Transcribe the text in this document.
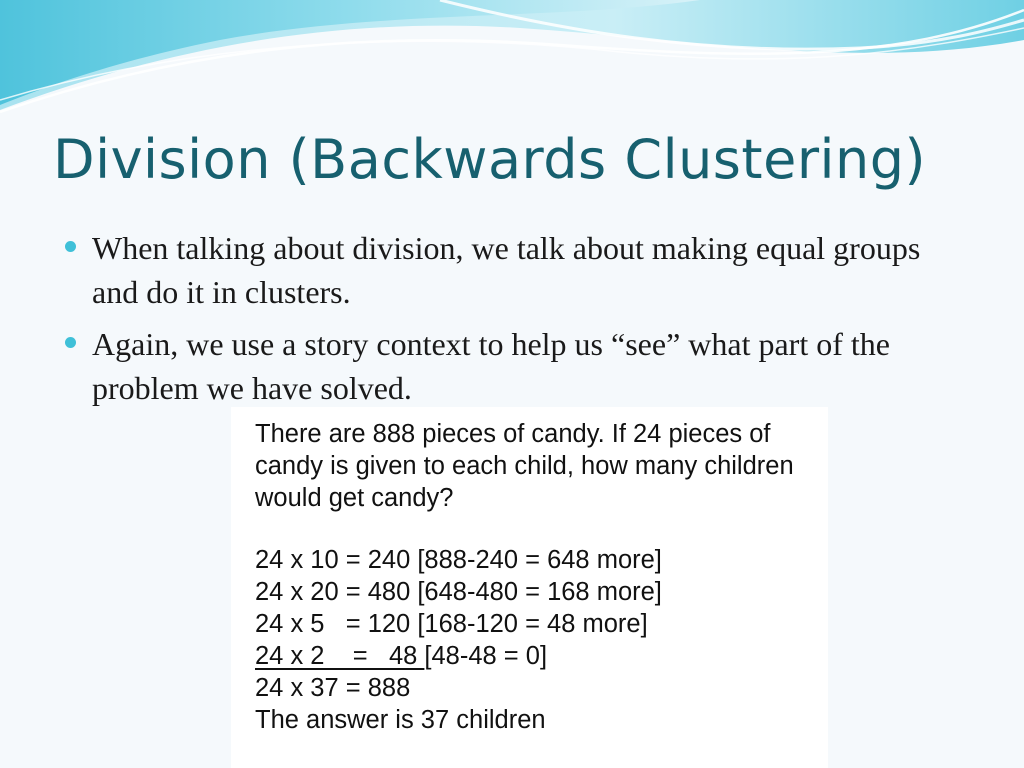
Division (Backwards Clustering)
When talking about division, we talk about making equal groups and do it in clusters.
Again, we use a story context to help us “see” what part of the problem we have solved.
There are 888 pieces of candy. If 24 pieces of candy is given to each child, how many children would get candy?
24 x 10 = 240 [888-240 = 648 more]
24 x 20 = 480 [648-480 = 168 more]
24 x 5   = 120 [168-120 = 48 more]
24 x 2    =   48 [48-48 = 0]
24 x 37 = 888
The answer is 37 children
